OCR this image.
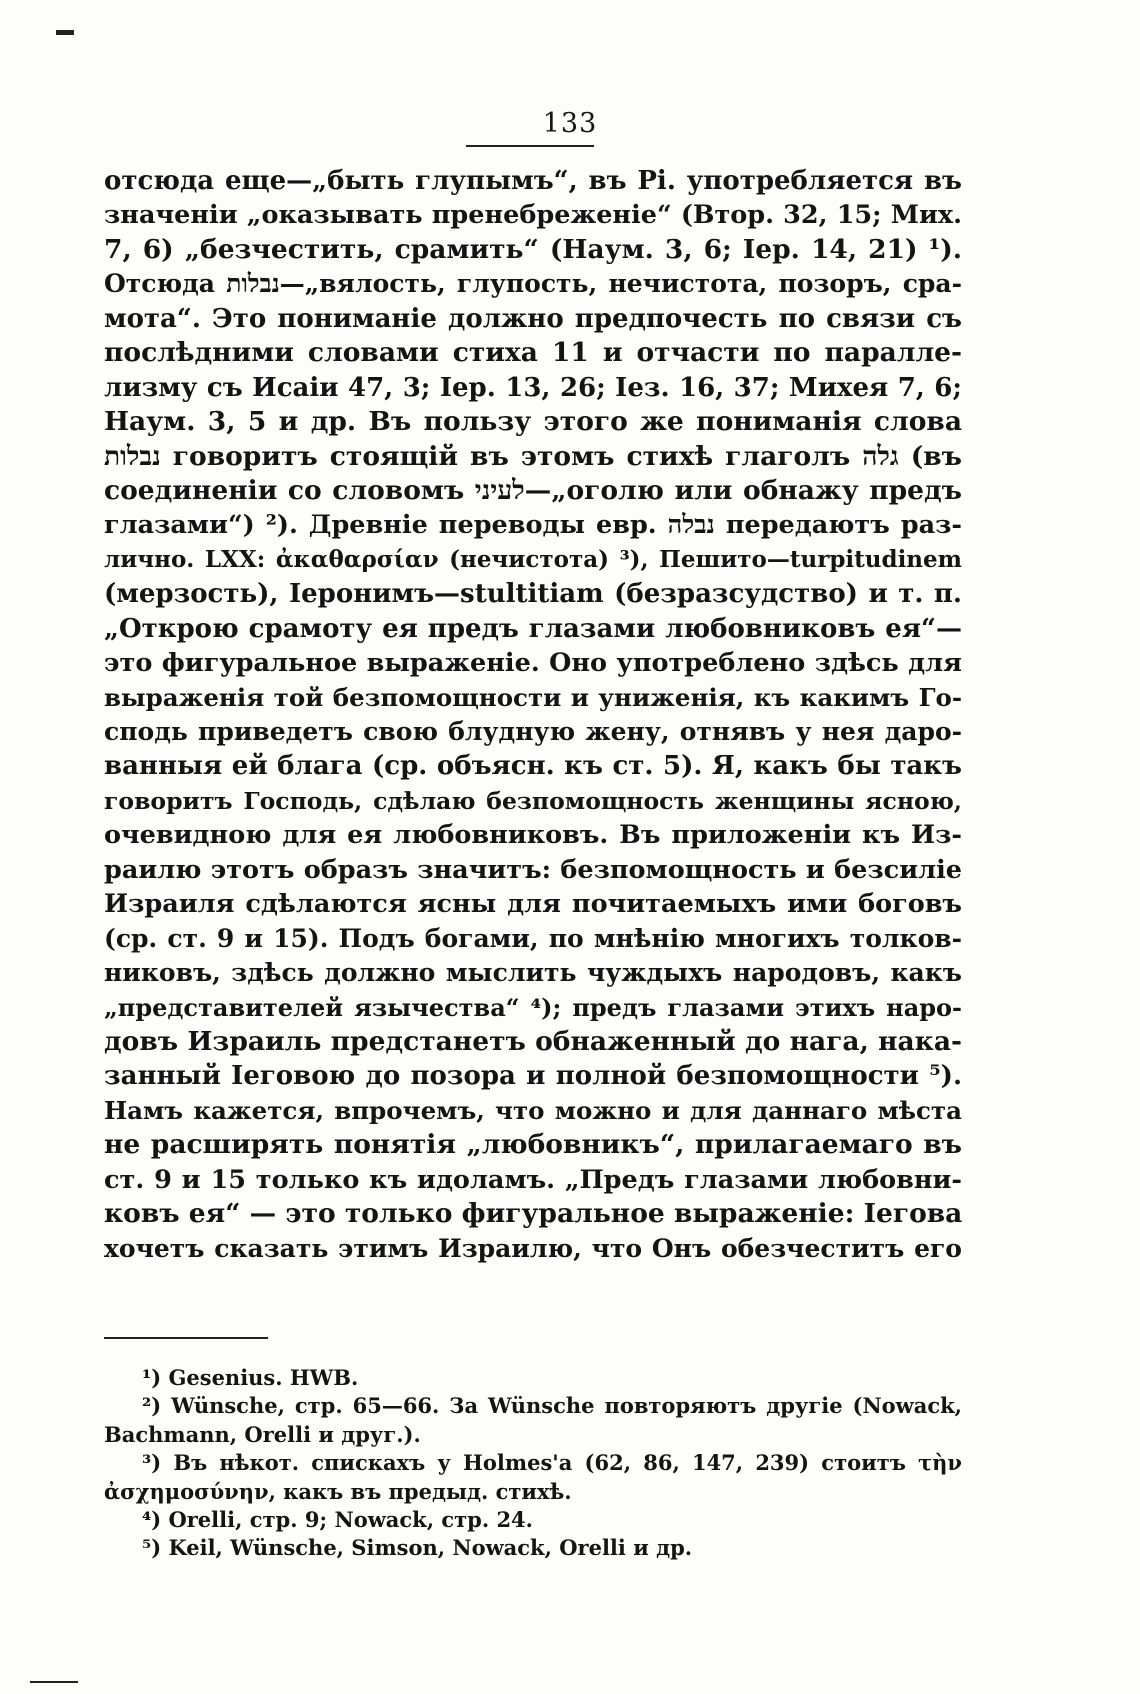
133
отсюда еще—„быть глупымъ“, въ Pi. употребляется въ
значеніи „оказывать пренебреженіе“ (Втор. 32, 15; Мих.
7, 6) „безчестить, срамить“ (Наум. 3, 6; Іер. 14, 21) ¹).
Отсюда נבלות—„вялость, глупость, нечистота, позоръ, сра-
мота“. Это пониманіе должно предпочесть по связи съ
послѣдними словами стиха 11 и отчасти по паралле-
лизму съ Исаіи 47, 3; Іер. 13, 26; Іез. 16, 37; Михея 7, 6;
Наум. 3, 5 и др. Въ пользу этого же пониманія слова
נבלות говоритъ стоящій въ этомъ стихѣ глаголъ גלה (въ
соединеніи со словомъ לעיני—„оголю или обнажу предъ
глазами“) ²). Древніе переводы евр. נבלה передаютъ раз-
лично. LXX: ἀκαθαρσίαν (нечистота) ³), Пешито—turpitudinem
(мерзость), Іеронимъ—stultitiam (безразсудство) и т. п.
„Открою срамоту ея предъ глазами любовниковъ ея“—
это фигуральное выраженіе. Оно употреблено здѣсь для
выраженія той безпомощности и униженія, къ какимъ Го-
сподь приведетъ свою блудную жену, отнявъ у нея даро-
ванныя ей блага (ср. объясн. къ ст. 5). Я, какъ бы такъ
говоритъ Господь, сдѣлаю безпомощность женщины ясною,
очевидною для ея любовниковъ. Въ приложеніи къ Из-
раилю этотъ образъ значитъ: безпомощность и безсиліе
Израиля сдѣлаются ясны для почитаемыхъ ими боговъ
(ср. ст. 9 и 15). Подъ богами, по мнѣнію многихъ толков-
никовъ, здѣсь должно мыслить чуждыхъ народовъ, какъ
„представителей язычества“ ⁴); предъ глазами этихъ наро-
довъ Израиль предстанетъ обнаженный до нага, нака-
занный Іеговою до позора и полной безпомощности ⁵).
Намъ кажется, впрочемъ, что можно и для даннаго мѣста
не расширять понятія „любовникъ“, прилагаемаго въ
ст. 9 и 15 только къ идоламъ. „Предъ глазами любовни-
ковъ ея“ — это только фигуральное выраженіе: Іегова
хочетъ сказать этимъ Израилю, что Онъ обезчеститъ его
¹) Gesenius. HWB.
²) Wünsche, стр. 65—66. За Wünsche повторяютъ другіе (Nowack,
Bachmann, Orelli и друг.).
³) Въ нѣкот. спискахъ у Holmes'а (62, 86, 147, 239) стоитъ τὴν
ἀσχημοσύνην, какъ въ предыд. стихѣ.
⁴) Orelli, стр. 9; Nowack, стр. 24.
⁵) Keil, Wünsche, Simson, Nowack, Orelli и др.
